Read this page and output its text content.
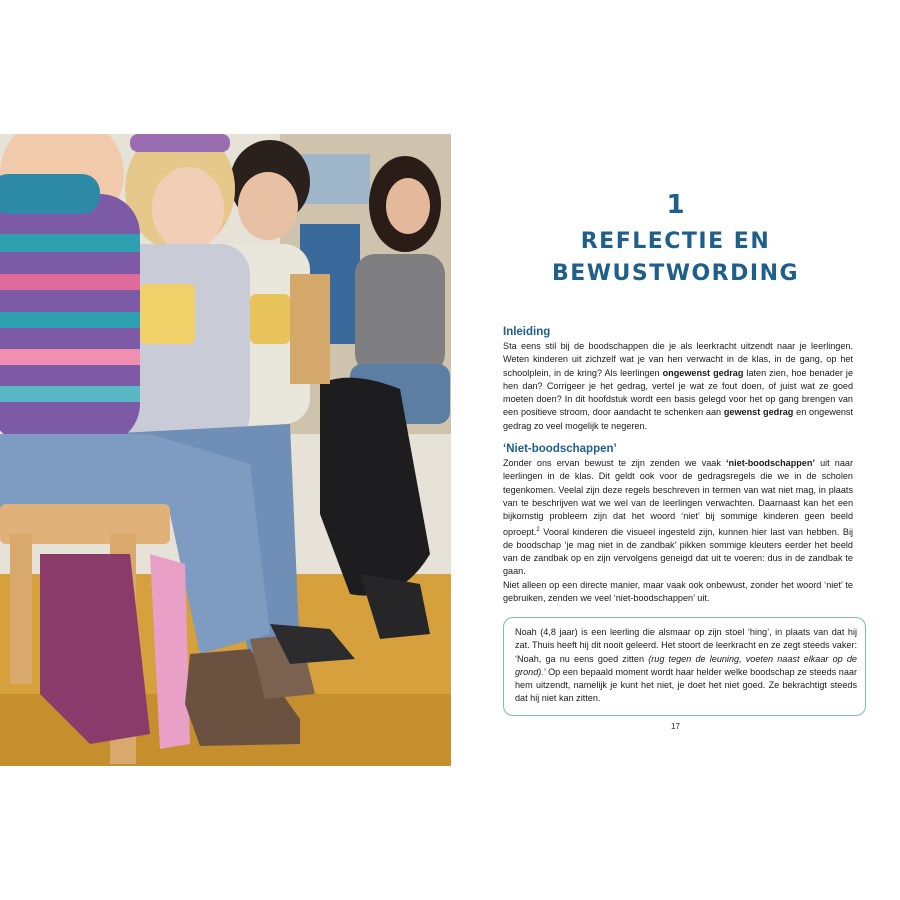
1
REFLECTIE EN
BEWUSTWORDING
Inleiding

Sta eens stil bij de boodschappen die je als leerkracht uitzendt naar je leerlingen. Weten kinderen uit zichzelf wat je van hen verwacht in de klas, in de gang, op het schoolplein, in de kring? Als leerlingen ongewenst gedrag laten zien, hoe benader je hen dan? Corrigeer je het gedrag, vertel je wat ze fout doen, of juist wat ze goed moeten doen? In dit hoofdstuk wordt een basis gelegd voor het op gang brengen van een positieve stroom, door aandacht te schenken aan gewenst gedrag en ongewenst gedrag zo veel mogelijk te negeren.

‘Niet-boodschappen’

Zonder ons ervan bewust te zijn zenden we vaak ‘niet-boodschappen’ uit naar leerlingen in de klas. Dit geldt ook voor de gedragsregels die we in de scholen tegenkomen. Veelal zijn deze regels beschreven in termen van wat niet mag, in plaats van te beschrijven wat we wel van de leerlingen verwachten. Daarnaast kan het een bijkomstig probleem zijn dat het woord ‘niet’ bij sommige kinderen geen beeld oproept.$^2$ Vooral kinderen die visueel ingesteld zijn, kunnen hier last van hebben. Bij de boodschap ‘je mag niet in de zandbak’ pikken sommige kleuters eerder het beeld van de zandbak op en zijn vervolgens geneigd dat uit te voeren: dus in de zandbak te gaan.

Niet alleen op een directe manier, maar vaak ook onbewust, zonder het woord ‘niet’ te gebruiken, zenden we veel ‘niet-boodschappen’ uit.

Noah (4,8 jaar) is een leerling die alsmaar op zijn stoel ‘hing’, in plaats van dat hij zat. Thuis heeft hij dit nooit geleerd. Het stoort de leerkracht en ze zegt steeds vaker: ‘Noah, ga nu eens goed zitten (rug tegen de leuning, voeten naast elkaar op de grond).’ Op een bepaald moment wordt haar helder welke boodschap ze steeds naar hem uitzendt, namelijk je kunt het niet, je doet het niet goed. Ze bekrachtigt steeds dat hij niet kan zitten.
17
